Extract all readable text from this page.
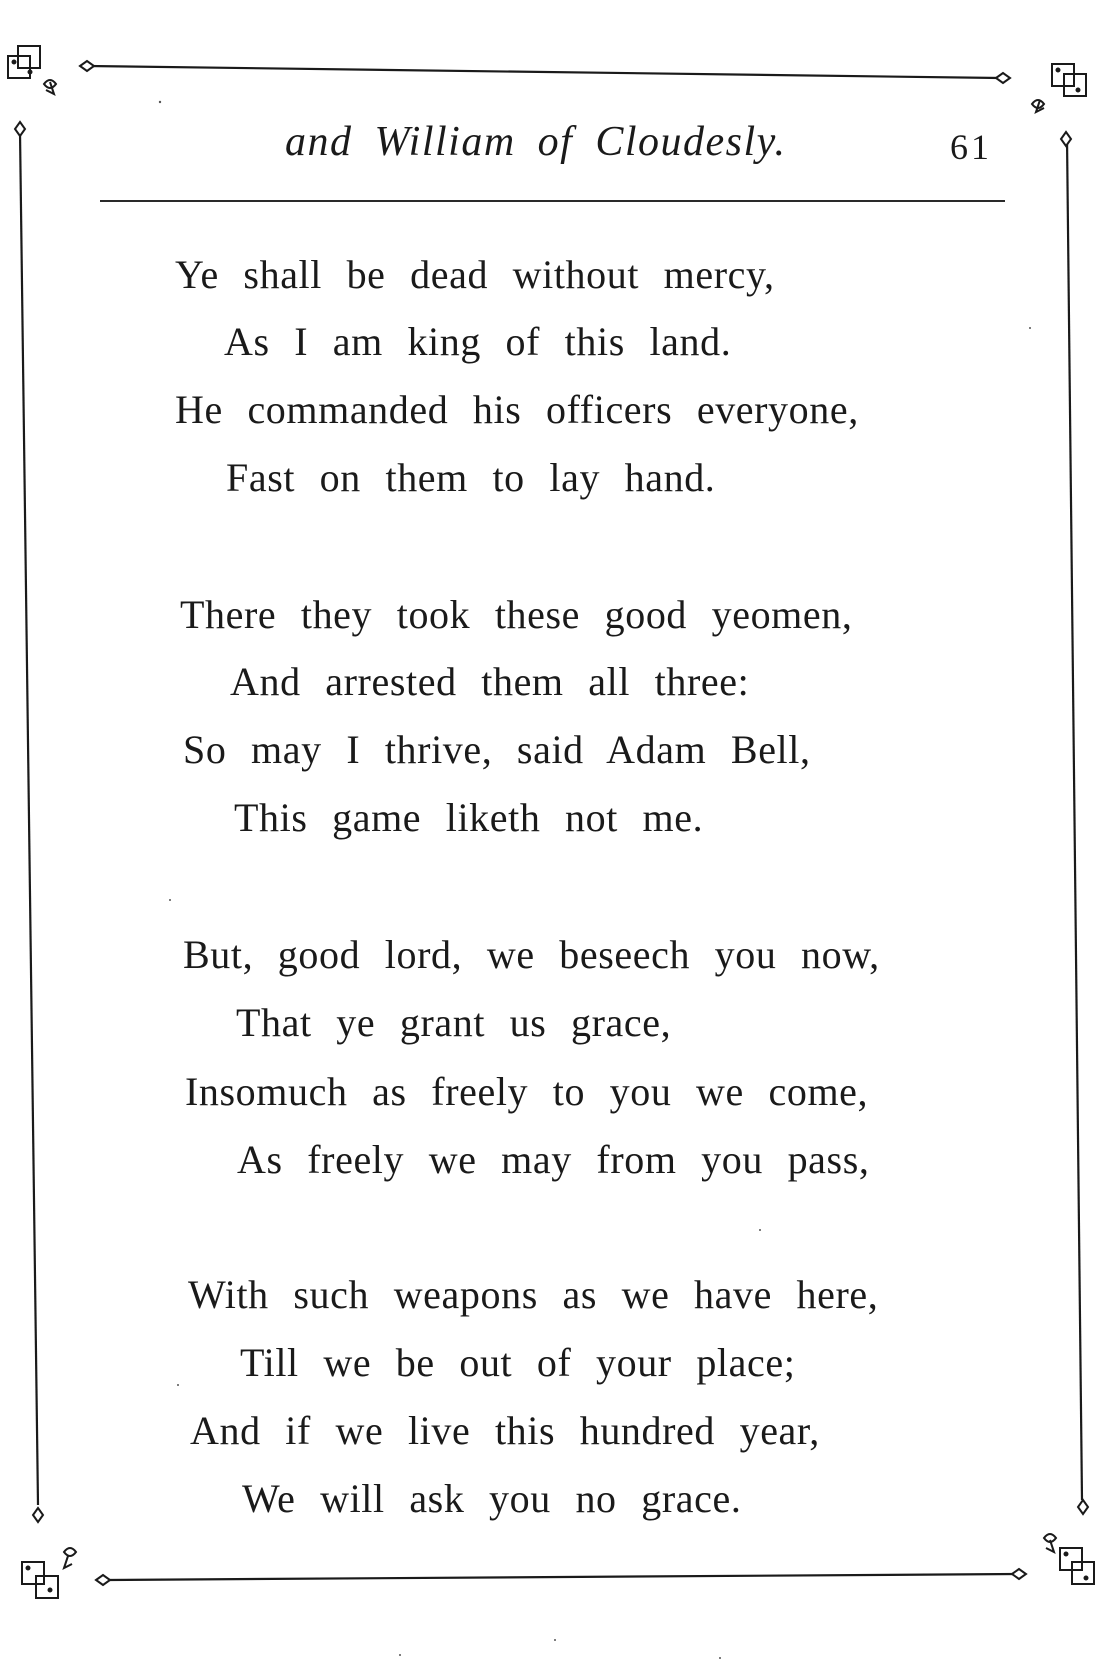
and William of Cloudesly.	61
Ye shall be dead without mercy,
As I am king of this land.
He commanded his officers everyone,
Fast on them to lay hand.
There they took these good yeomen,
And arrested them all three:
So may I thrive, said Adam Bell,
This game liketh not me.
But, good lord, we beseech you now,
That ye grant us grace,
Insomuch as freely to you we come,
As freely we may from you pass,
With such weapons as we have here,
Till we be out of your place;
And if we live this hundred year,
We will ask you no grace.
